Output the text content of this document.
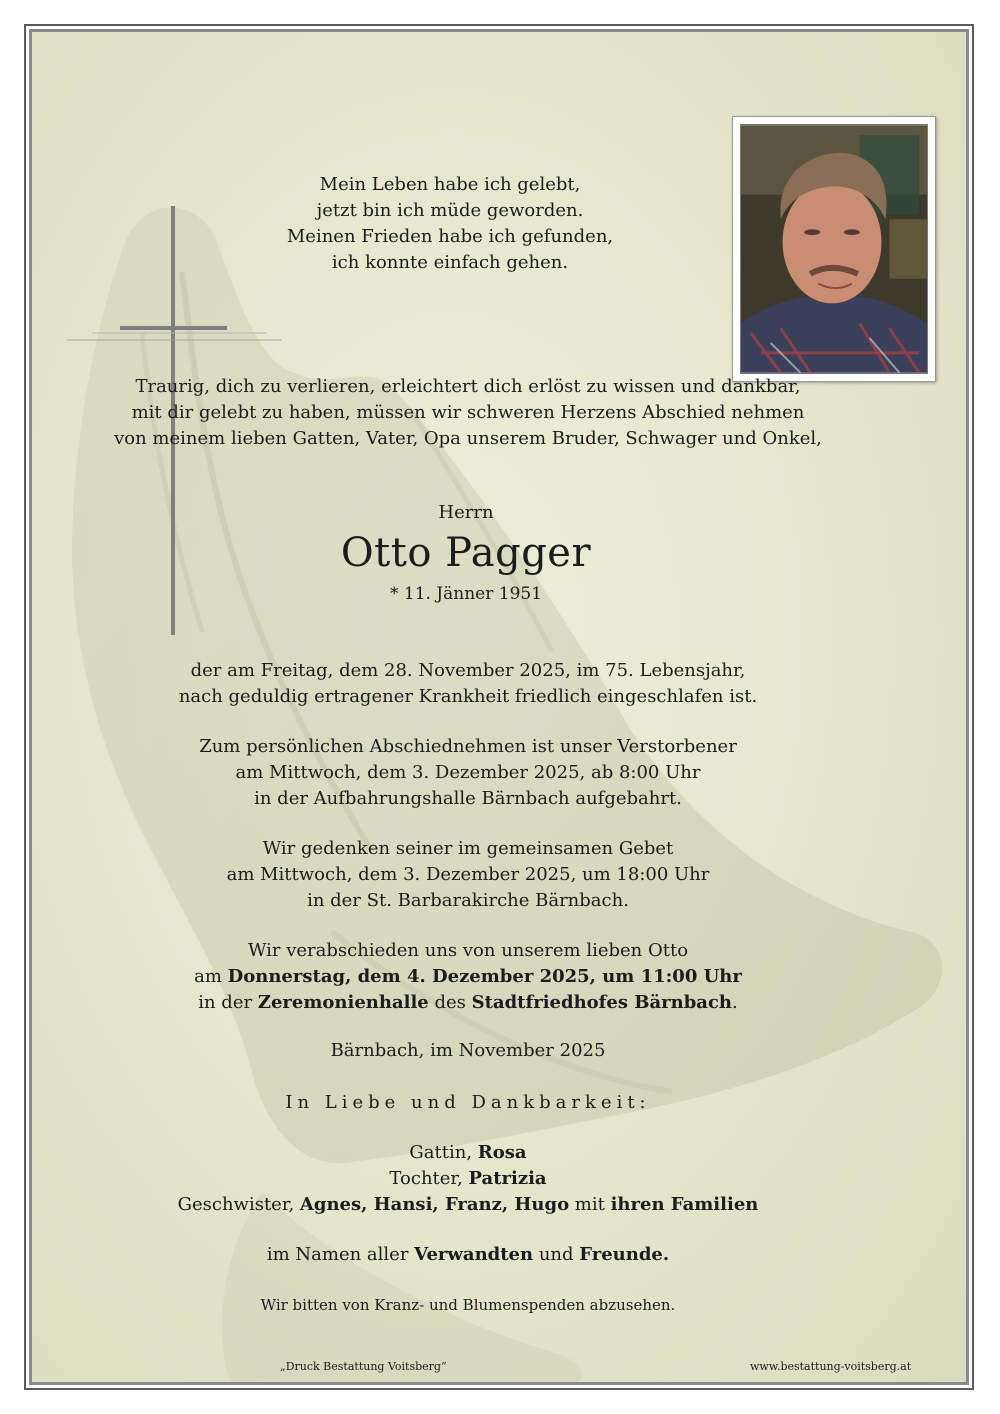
Mein Leben habe ich gelebt,
jetzt bin ich müde geworden.
Meinen Frieden habe ich gefunden,
ich konnte einfach gehen.
Traurig, dich zu verlieren, erleichtert dich erlöst zu wissen und dankbar,
mit dir gelebt zu haben, müssen wir schweren Herzens Abschied nehmen
von meinem lieben Gatten, Vater, Opa unserem Bruder, Schwager und Onkel,
Herrn
Otto Pagger
* 11. Jänner 1951
der am Freitag, dem 28. November 2025, im 75. Lebensjahr,
nach geduldig ertragener Krankheit friedlich eingeschlafen ist.
Zum persönlichen Abschiednehmen ist unser Verstorbener
am Mittwoch, dem 3. Dezember 2025, ab 8:00 Uhr
in der Aufbahrungshalle Bärnbach aufgebahrt.
Wir gedenken seiner im gemeinsamen Gebet
am Mittwoch, dem 3. Dezember 2025, um 18:00 Uhr
in der St. Barbarakirche Bärnbach.
Wir verabschieden uns von unserem lieben Otto
am Donnerstag, dem 4. Dezember 2025, um 11:00 Uhr
in der Zeremonienhalle des Stadtfriedhofes Bärnbach.
Bärnbach, im November 2025
In Liebe und Dankbarkeit:
Gattin, Rosa
Tochter, Patrizia
Geschwister, Agnes, Hansi, Franz, Hugo mit ihren Familien
im Namen aller Verwandten und Freunde.
Wir bitten von Kranz- und Blumenspenden abzusehen.
„Druck Bestattung Voitsberg“	www.bestattung-voitsberg.at
